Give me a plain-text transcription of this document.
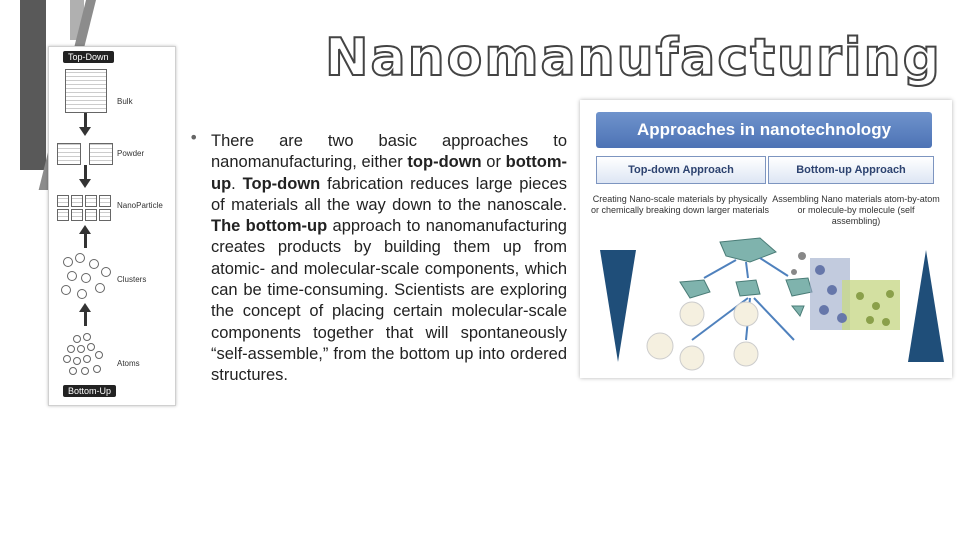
Nanomanufacturing
Top-Down
Bulk
Powder
NanoParticle
Clusters
Atoms
Bottom-Up
• There are two basic approaches to nanomanufacturing, either top-down or bottom-up. Top-down fabrication reduces large pieces of materials all the way down to the nanoscale. The bottom-up approach to nanomanufacturing creates products by building them up from atomic- and molecular-scale components, which can be time-consuming. Scientists are exploring the concept of placing certain molecular-scale components together that will spontaneously “self-assemble,” from the bottom up into ordered structures.
Approaches in nanotechnology
Top-down Approach	Bottom-up Approach
Creating Nano-scale materials by physically or chemically breaking down larger materials
Assembling Nano materials atom-by-atom or molecule-by molecule (self assembling)
